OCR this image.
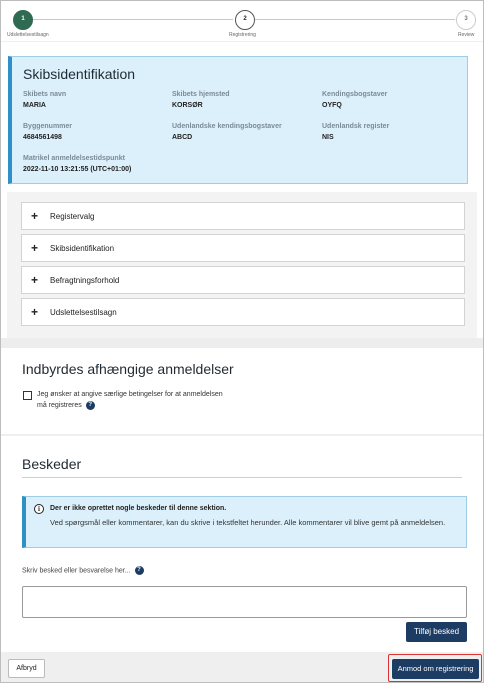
1
Udslettelsestilsagn
2
Registrering
3
Review
Skibsidentifikation
Skibets navn
MARIA
Skibets hjemsted
KORSØR
Kendingsbogstaver
OYFQ
Byggenummer
4684561498
Udenlandske kendingsbogstaver
ABCD
Udenlandsk register
NIS
Matrikel anmeldelsestidspunkt
2022-11-10 13:21:55 (UTC+01:00)
+ Registervalg
+ Skibsidentifikation
+ Befragtningsforhold
+ Udslettelsestilsagn
Indbyrdes afhængige anmeldelser
Jeg ønsker at angive særlige betingelser for at anmeldelsen må registreres ?
Beskeder
i	Der er ikke oprettet nogle beskeder til denne sektion.
Ved spørgsmål eller kommentarer, kan du skrive i tekstfeltet herunder. Alle kommentarer vil blive gemt på anmeldelsen.
Skriv besked eller besvarelse her... ?
Tilføj besked
Afbryd	Anmod om registrering
